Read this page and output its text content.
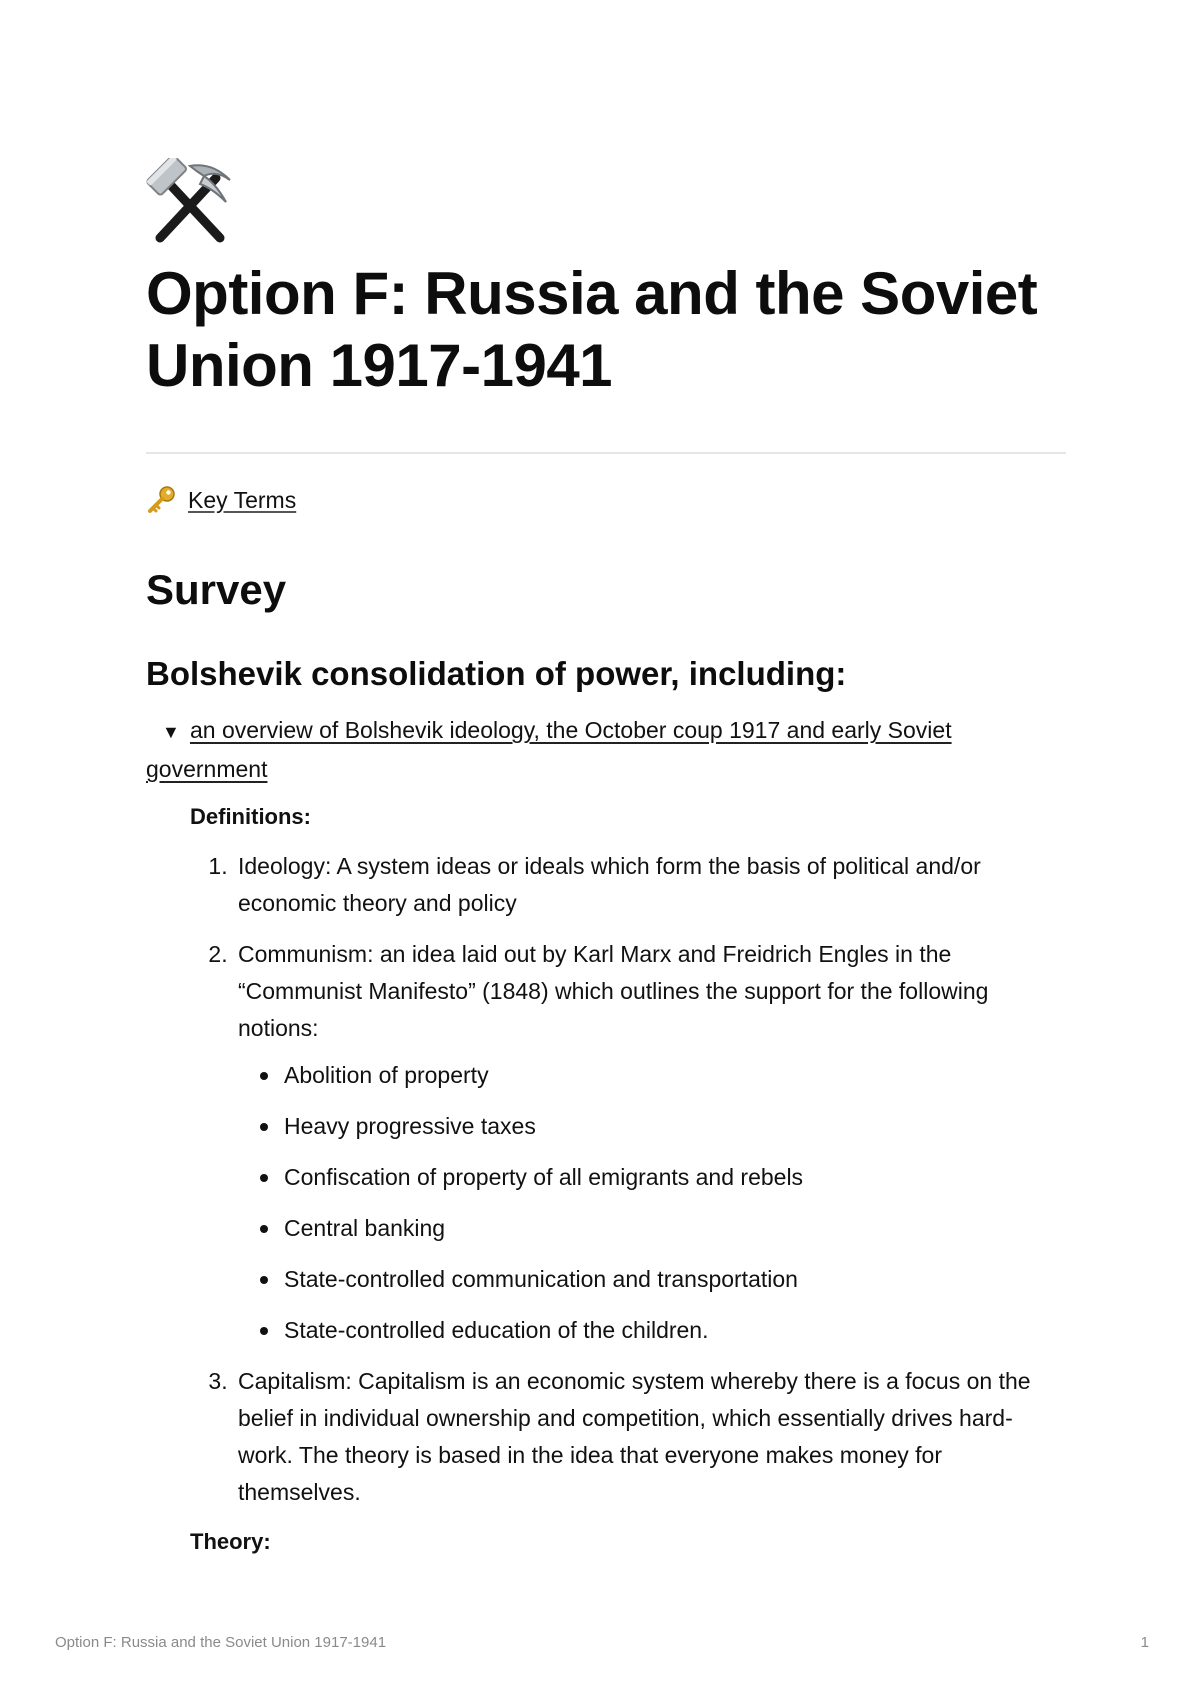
Option F: Russia and the Soviet Union 1917-1941
Key Terms
Survey
Bolshevik consolidation of power, including:
▼ an overview of Bolshevik ideology, the October coup 1917 and early Soviet government
Definitions:
1. Ideology: A system ideas or ideals which form the basis of political and/or economic theory and policy
2. Communism: an idea laid out by Karl Marx and Freidrich Engles in the “Communist Manifesto” (1848) which outlines the support for the following notions:
Abolition of property
Heavy progressive taxes
Confiscation of property of all emigrants and rebels
Central banking
State-controlled communication and transportation
State-controlled education of the children.
3. Capitalism: Capitalism is an economic system whereby there is a focus on the belief in individual ownership and competition, which essentially drives hard-work. The theory is based in the idea that everyone makes money for themselves.
Theory:
Option F: Russia and the Soviet Union 1917-1941	1
